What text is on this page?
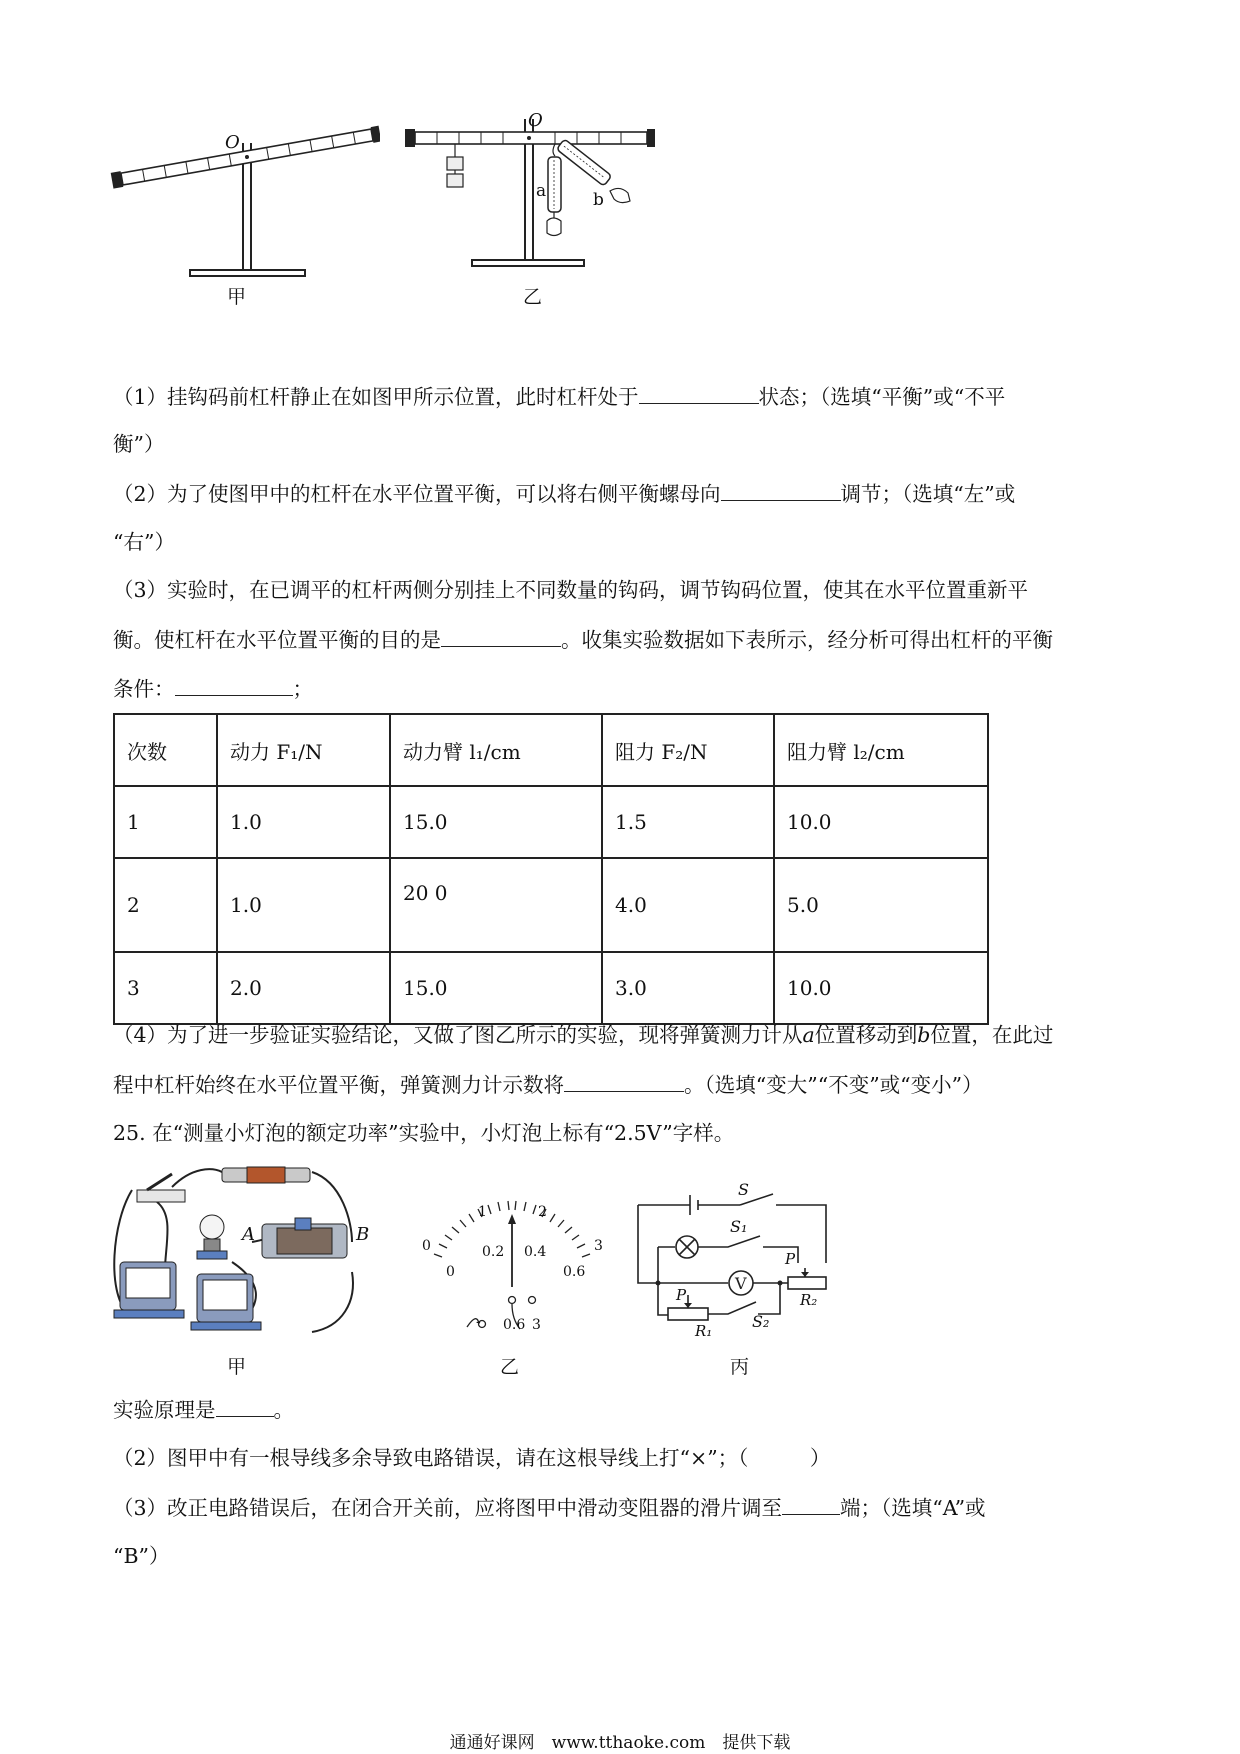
O
甲
O
a	b
乙
（1）挂钩码前杠杆静止在如图甲所示位置，此时杠杆处于	状态；（选填“平衡”或“不平
衡”）
（2）为了使图甲中的杠杆在水平位置平衡，可以将右侧平衡螺母向	调节；（选填“左”或
“右”）
（3）实验时，在已调平的杠杆两侧分别挂上不同数量的钩码，调节钩码位置，使其在水平位置重新平
衡。使杠杆在水平位置平衡的目的是	。收集实验数据如下表所示，经分析可得出杠杆的平衡
条件：	；
次数	动力 F₁/N	动力臂 l₁/cm	阻力 F₂/N	阻力臂 l₂/cm
1	1.0	15.0	1.5	10.0
2	1.0	20 0	4.0	5.0
3	2.0	15.0	3.0	10.0
（4）为了进一步验证实验结论，又做了图乙所示的实验，现将弹簧测力计从a位置移动到b位置，在此过
程中杠杆始终在水平位置平衡，弹簧测力计示数将	。（选填“变大”“不变”或“变小”）
25. 在“测量小灯泡的额定功率”实验中，小灯泡上标有“2.5V”字样。
A	B
甲
0
1	2
3
0
0.2 0.4
0.6
- 0.6 3
乙
V
S
S₁
S₂
P
P
R₁
R₂
丙
实验原理是	。
（2）图甲中有一根导线多余导致电路错误，请在这根导线上打“×”；（　　　）
（3）改正电路错误后，在闭合开关前，应将图甲中滑动变阻器的滑片调至	端；（选填“A”或
“B”）
通通好课网　www.tthaoke.com　提供下载
